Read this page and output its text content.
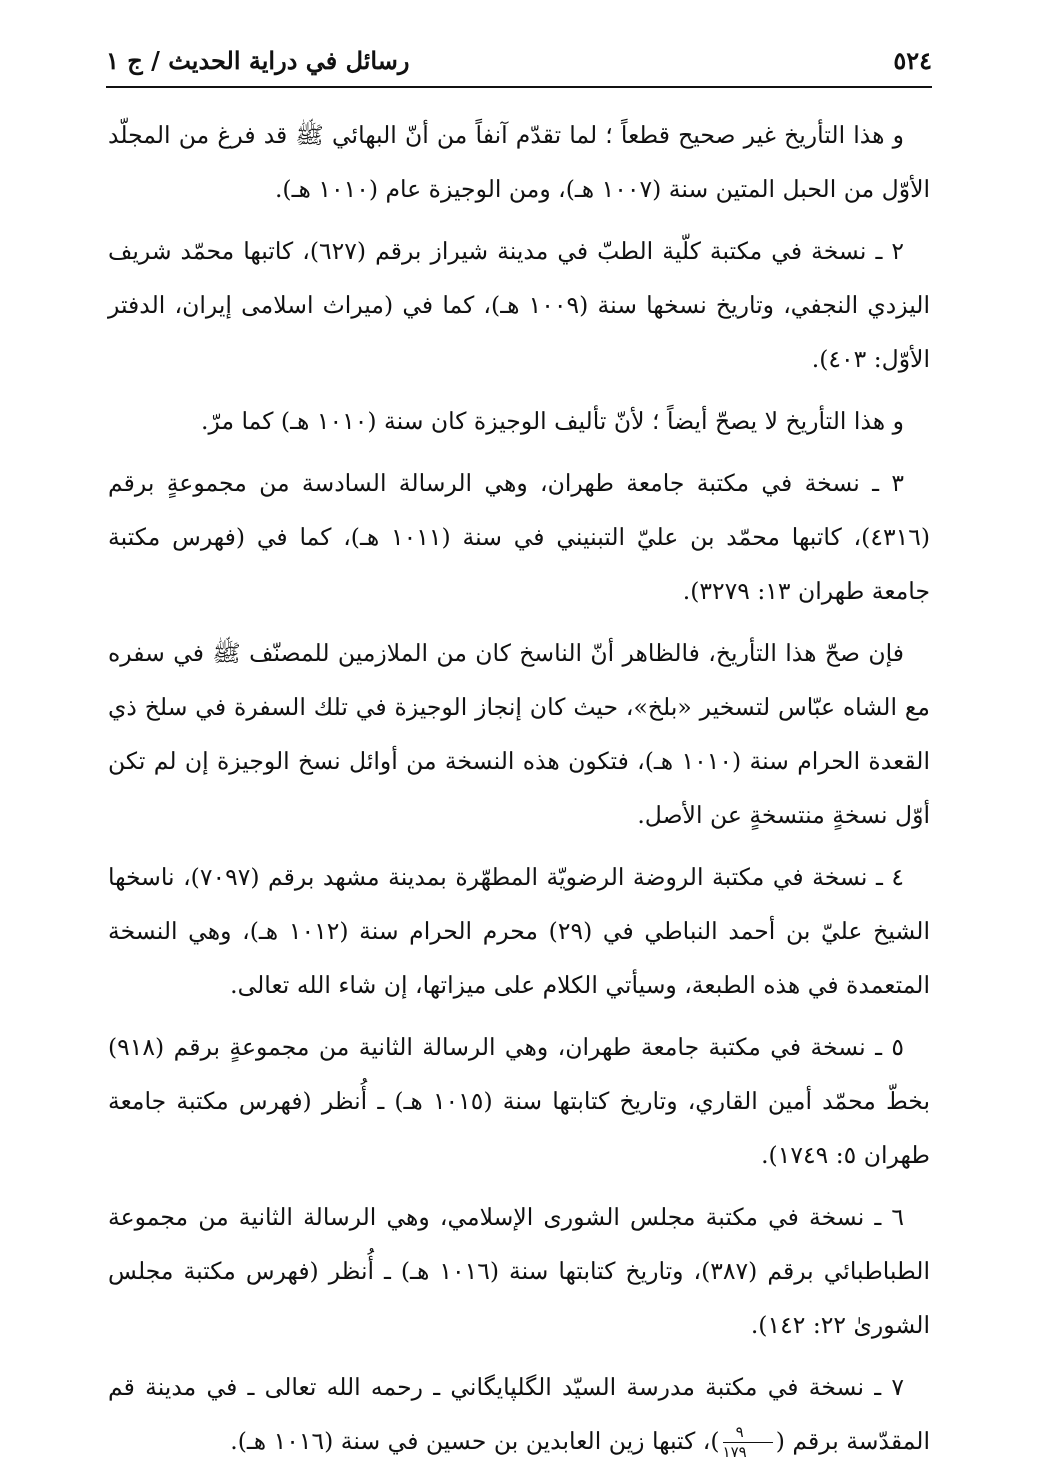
٥٢٤
رسائل في دراية الحديث / ج ١

و هذا التأريخ غير صحيح قطعاً ؛ لما تقدّم آنفاً من أنّ البهائي ﷺ قد فرغ من المجلّد الأوّل من الحبل المتين سنة (١٠٠٧ هـ)، ومن الوجيزة عام (١٠١٠ هـ).

٢ ـ نسخة في مكتبة كلّية الطبّ في مدينة شيراز برقم (٦٢٧)، كاتبها محمّد شريف اليزدي النجفي، وتاريخ نسخها سنة (١٠٠٩ هـ)، كما في (ميراث اسلامى إيران، الدفتر الأوّل: ٤٠٣).

و هذا التأريخ لا يصحّ أيضاً ؛ لأنّ تأليف الوجيزة كان سنة (١٠١٠ هـ) كما مرّ.

٣ ـ نسخة في مكتبة جامعة طهران، وهي الرسالة السادسة من مجموعةٍ برقم (٤٣١٦)، كاتبها محمّد بن عليّ التبنيني في سنة (١٠١١ هـ)، كما في (فهرس مكتبة جامعة طهران ١٣: ٣٢٧٩).

فإن صحّ هذا التأريخ، فالظاهر أنّ الناسخ كان من الملازمين للمصنّف ﷺ في سفره مع الشاه عبّاس لتسخير «بلخ»، حيث كان إنجاز الوجيزة في تلك السفرة في سلخ ذي القعدة الحرام سنة (١٠١٠ هـ)، فتكون هذه النسخة من أوائل نسخ الوجيزة إن لم تكن أوّل نسخةٍ منتسخةٍ عن الأصل.

٤ ـ نسخة في مكتبة الروضة الرضويّة المطهّرة بمدينة مشهد برقم (٧٠٩٧)، ناسخها الشيخ عليّ بن أحمد النباطي في (٢٩) محرم الحرام سنة (١٠١٢ هـ)، وهي النسخة المتعمدة في هذه الطبعة، وسيأتي الكلام على ميزاتها، إن شاء الله تعالى.

٥ ـ نسخة في مكتبة جامعة طهران، وهي الرسالة الثانية من مجموعةٍ برقم (٩١٨) بخطّ محمّد أمين القاري، وتاريخ كتابتها سنة (١٠١٥ هـ) ـ أُنظر (فهرس مكتبة جامعة طهران ٥: ١٧٤٩).

٦ ـ نسخة في مكتبة مجلس الشورى الإسلامي، وهي الرسالة الثانية من مجموعة الطباطبائي برقم (٣٨٧)، وتاريخ كتابتها سنة (١٠١٦ هـ) ـ أُنظر (فهرس مكتبة مجلس الشورىٰ ٢٢: ١٤٢).

٧ ـ نسخة في مكتبة مدرسة السيّد الگلپايگاني ـ رحمه الله تعالى ـ في مدينة قم المقدّسة برقم (
$\frac{٩}{١٧٩}$
)، كتبها زين العابدين بن حسين في سنة (١٠١٦ هـ).
